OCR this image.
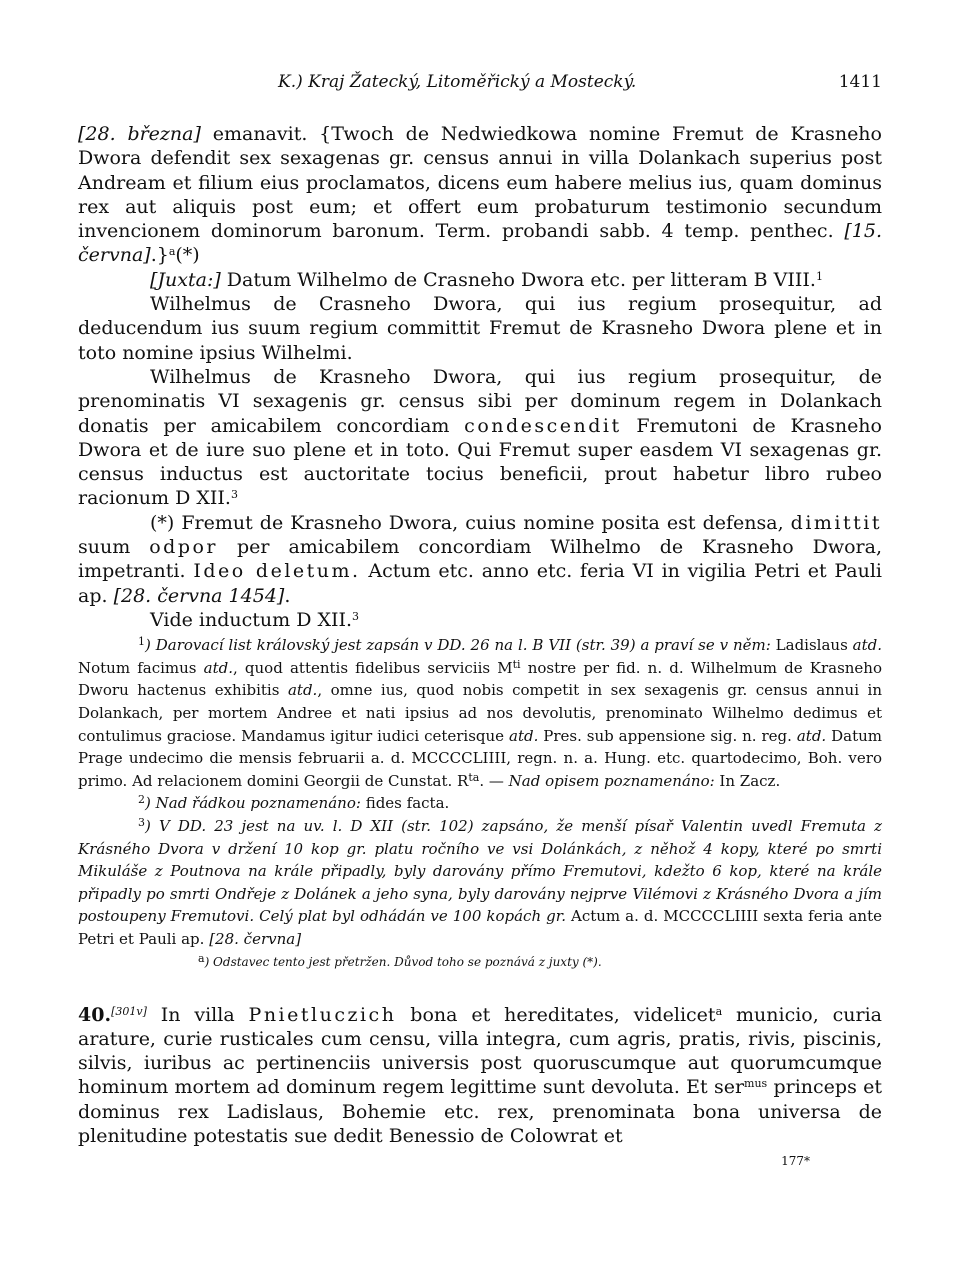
K.) Kraj Žatecký, Litoměřický a Mostecký.	1411

[28. března] emanavit. {Twoch de Nedwiedkowa nomine Fremut de Krasneho Dwora defendit sex sexagenas gr. census annui in villa Dolankach superius post Andream et filium eius proclamatos, dicens eum habere melius ius, quam dominus rex aut aliquis post eum; et offert eum probaturum testimonio secundum invencionem dominorum baronum. Term. probandi sabb. 4 temp. penthec. [15. června].}$^a$(*)

[Juxta:] Datum Wilhelmo de Crasneho Dwora etc. per litteram B VIII.$^1$

Wilhelmus de Crasneho Dwora, qui ius regium prosequitur, ad deducendum ius suum regium committit Fremut de Krasneho Dwora plene et in toto nomine ipsius Wilhelmi.

Wilhelmus de Krasneho Dwora, qui ius regium prosequitur, de prenominatis VI sexagenis gr. census sibi per dominum regem in Dolankach donatis per amicabilem concordiam condescendit Fremutoni de Krasneho Dwora et de iure suo plene et in toto. Qui Fremut super easdem VI sexagenas gr. census inductus est auctoritate tocius beneficii, prout habetur libro rubeo racionum D XII.$^3$

(*) Fremut de Krasneho Dwora, cuius nomine posita est defensa, dimittit suum odpor per amicabilem concordiam Wilhelmo de Krasneho Dwora, impetranti. Ideo deletum. Actum etc. anno etc. feria VI in vigilia Petri et Pauli ap. [28. června 1454].

Vide inductum D XII.$^3$

$^1$) Darovací list královský jest zapsán v DD. 26 na l. B VII (str. 39) a praví se v něm: Ladislaus atd. Notum facimus atd., quod attentis fidelibus serviciis $M^{ti}$ nostre per fid. n. d. Wilhelmum de Krasneho Dworu hactenus exhibitis atd., omne ius, quod nobis competit in sex sexagenis gr. census annui in Dolankach, per mortem Andree et nati ipsius ad nos devolutis, prenominato Wilhelmo dedimus et contulimus graciose. Mandamus igitur iudici ceterisque atd. Pres. sub appensione sig. n. reg. atd. Datum Prage undecimo die mensis februarii a. d. MCCCCLIIII, regn. n. a. Hung. etc. quartodecimo, Boh. vero primo. Ad relacionem domini Georgii de Cunstat. $R^{ta}$. — Nad opisem poznamenáno: In Zacz.

$^2$) Nad řádkou poznamenáno: fides facta.

$^3$) V DD. 23 jest na uv. l. D XII (str. 102) zapsáno, že menší písař Valentin uvedl Fremuta z Krásného Dvora v držení 10 kop gr. platu ročního ve vsi Dolánkách, z něhož 4 kopy, které po smrti Mikuláše z Poutnova na krále připadly, byly darovány přímo Fremutovi, kdežto 6 kop, které na krále připadly po smrti Ondřeje z Dolánek a jeho syna, byly darovány nejprve Vilémovi z Krásného Dvora a jím postoupeny Fremutovi. Celý plat byl odhádán ve 100 kopách gr. Actum a. d. MCCCCLIIII sexta feria ante Petri et Pauli ap. [28. června]

$^a$) Odstavec tento jest přetržen. Důvod toho se poznává z juxty (*).

40.[301v] In villa Pnietluczich bona et hereditates, videlicet$^a$ municio, curia arature, curie rusticales cum censu, villa integra, cum agris, pratis, rivis, piscinis, silvis, iuribus ac pertinenciis universis post quoruscumque aut quorumcumque hominum mortem ad dominum regem legittime sunt devoluta. Et ser$^{mus}$ princeps et dominus rex Ladislaus, Bohemie etc. rex, prenominata bona universa de plenitudine potestatis sue dedit Benessio de Colowrat et

177*
